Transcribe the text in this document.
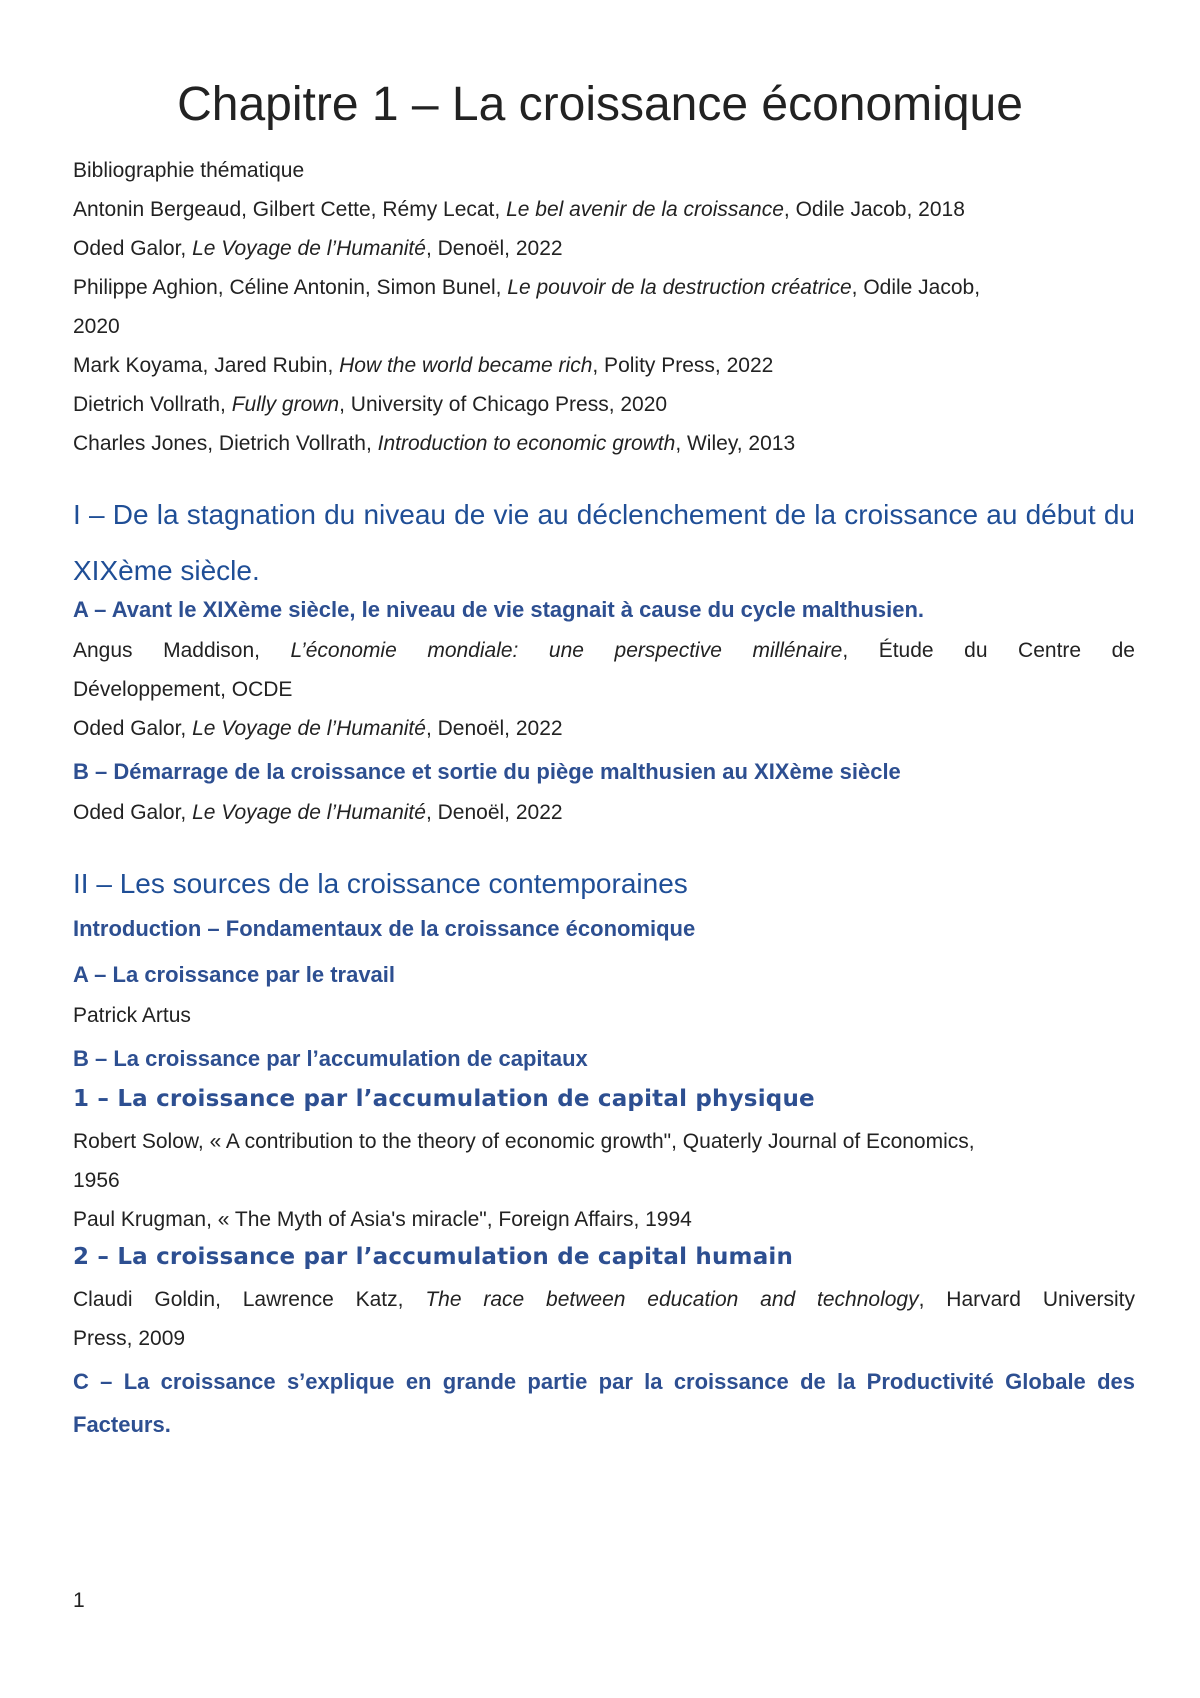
Chapitre 1 – La croissance économique
Bibliographie thématique
Antonin Bergeaud, Gilbert Cette, Rémy Lecat, Le bel avenir de la croissance, Odile Jacob, 2018
Oded Galor, Le Voyage de l’Humanité, Denoël, 2022
Philippe Aghion, Céline Antonin, Simon Bunel, Le pouvoir de la destruction créatrice, Odile Jacob,
2020
Mark Koyama, Jared Rubin, How the world became rich, Polity Press, 2022
Dietrich Vollrath, Fully grown, University of Chicago Press, 2020
Charles Jones, Dietrich Vollrath, Introduction to economic growth, Wiley, 2013
I – De la stagnation du niveau de vie au déclenchement de la croissance au début du XIXème siècle.
A – Avant le XIXème siècle, le niveau de vie stagnait à cause du cycle malthusien.
Angus Maddison, L’économie mondiale: une perspective millénaire, Étude du Centre de
Développement, OCDE
Oded Galor, Le Voyage de l’Humanité, Denoël, 2022
B – Démarrage de la croissance et sortie du piège malthusien au XIXème siècle
Oded Galor, Le Voyage de l’Humanité, Denoël, 2022
II – Les sources de la croissance contemporaines
Introduction – Fondamentaux de la croissance économique
A – La croissance par le travail
Patrick Artus
B – La croissance par l’accumulation de capitaux
1 – La croissance par l’accumulation de capital physique
Robert Solow, « A contribution to the theory of economic growth", Quaterly Journal of Economics,
1956
Paul Krugman, « The Myth of Asia's miracle", Foreign Affairs, 1994
2 – La croissance par l’accumulation de capital humain
Claudi Goldin, Lawrence Katz, The race between education and technology, Harvard University
Press, 2009
C – La croissance s’explique en grande partie par la croissance de la Productivité Globale des Facteurs.
1
